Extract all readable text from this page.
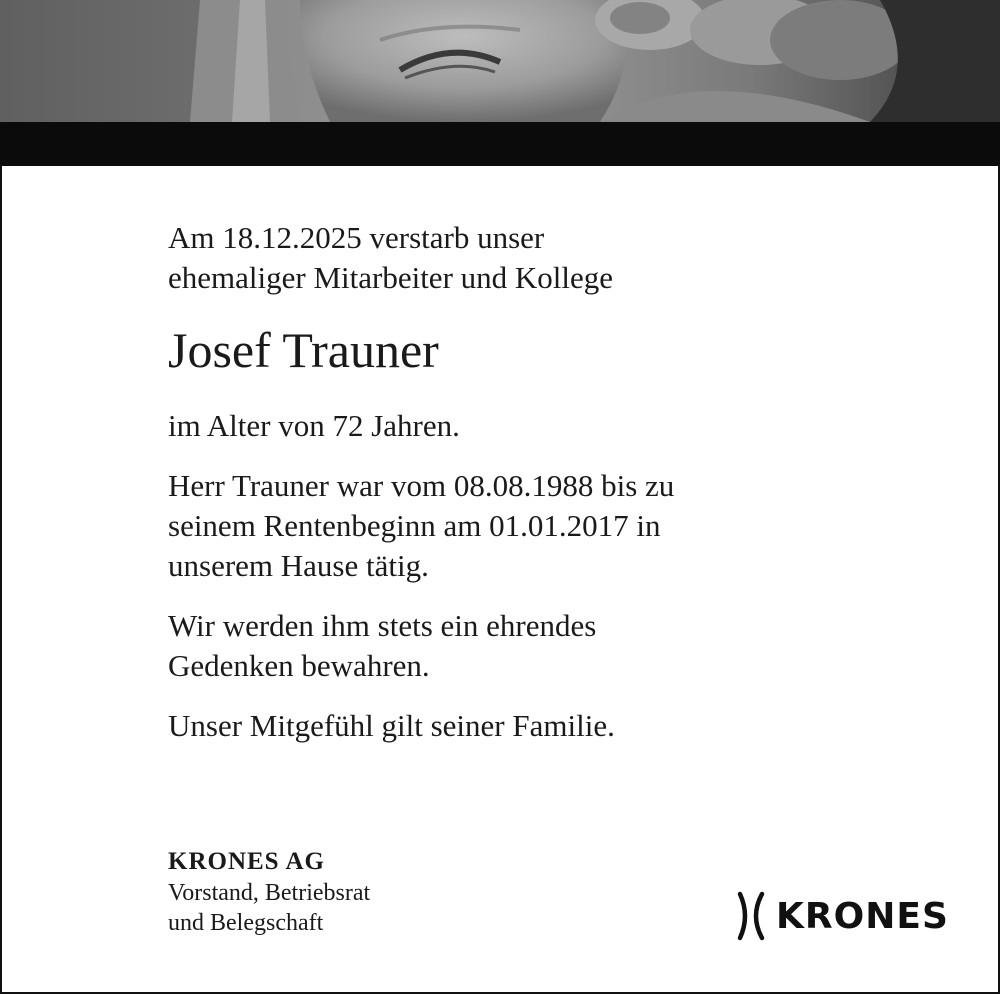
Am 18.12.2025 verstarb unser
ehemaliger Mitarbeiter und Kollege

Josef Trauner

im Alter von 72 Jahren.

Herr Trauner war vom 08.08.1988 bis zu
seinem Rentenbeginn am 01.01.2017 in
unserem Hause tätig.

Wir werden ihm stets ein ehrendes
Gedenken bewahren.

Unser Mitgefühl gilt seiner Familie.

KRONES AG
Vorstand, Betriebsrat
und Belegschaft	KRONES
